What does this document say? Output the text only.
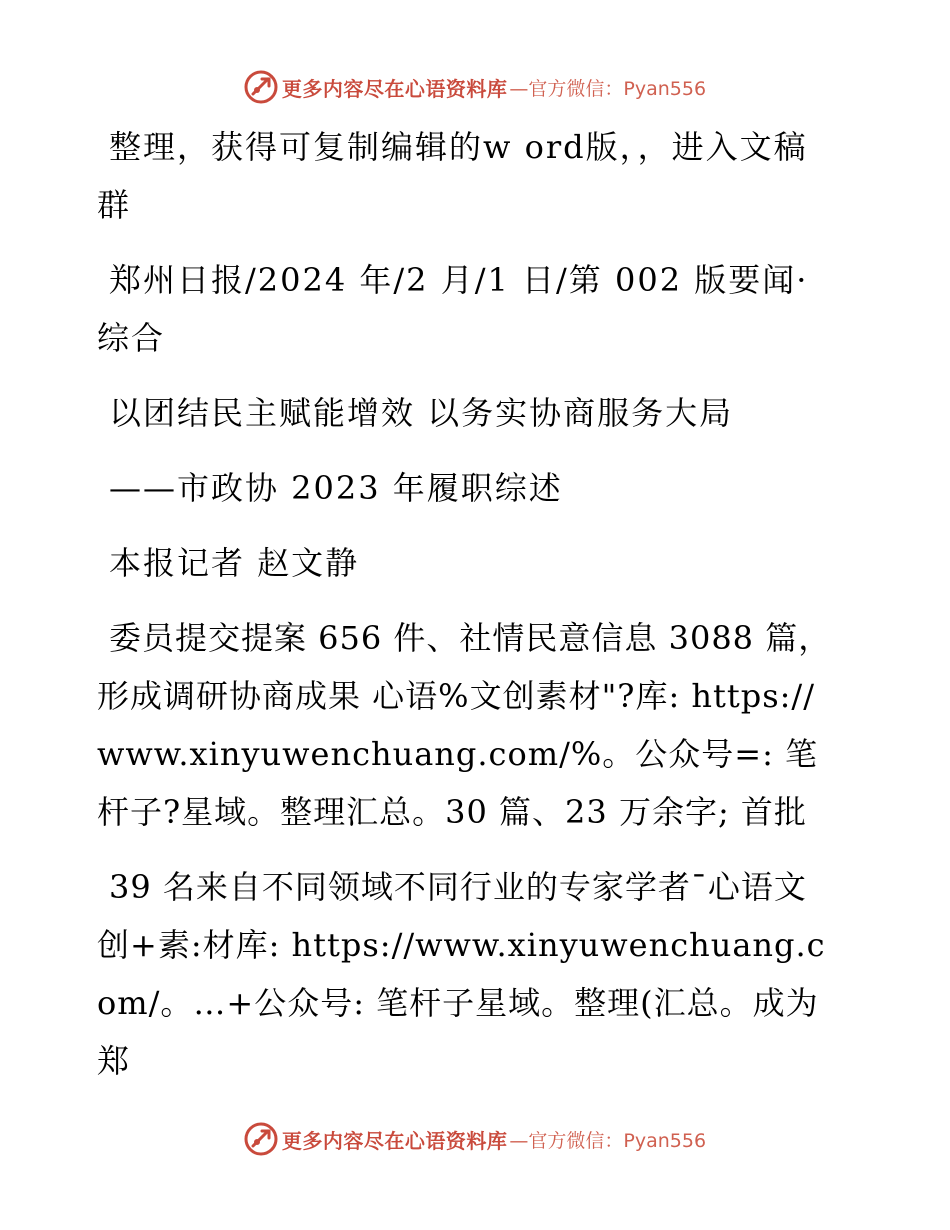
更多内容尽在心语资料库 —官方微信：Pyan556
整理，获得可复制编辑的w ord版，，进入文稿
群
郑州日报/2024 年/2 月/1 日/第 002 版要闻·
综合
以团结民主赋能增效 以务实协商服务大局
——市政协 2023 年履职综述
本报记者 赵文静
委员提交提案 656 件、社情民意信息 3088 篇，
形成调研协商成果 心语%文创素材"?库: https://www.xinyuwenchuang.com/%。公众号=: 笔杆子?星域。整理汇总。30 篇、23 万余字; 首批
39 名来自不同领域不同行业的专家学者¯心语文
创+素:材库: https://www.xinyuwenchuang.com/。…+公众号: 笔杆子星域。整理(汇总。成为郑
更多内容尽在心语资料库 —官方微信：Pyan556
